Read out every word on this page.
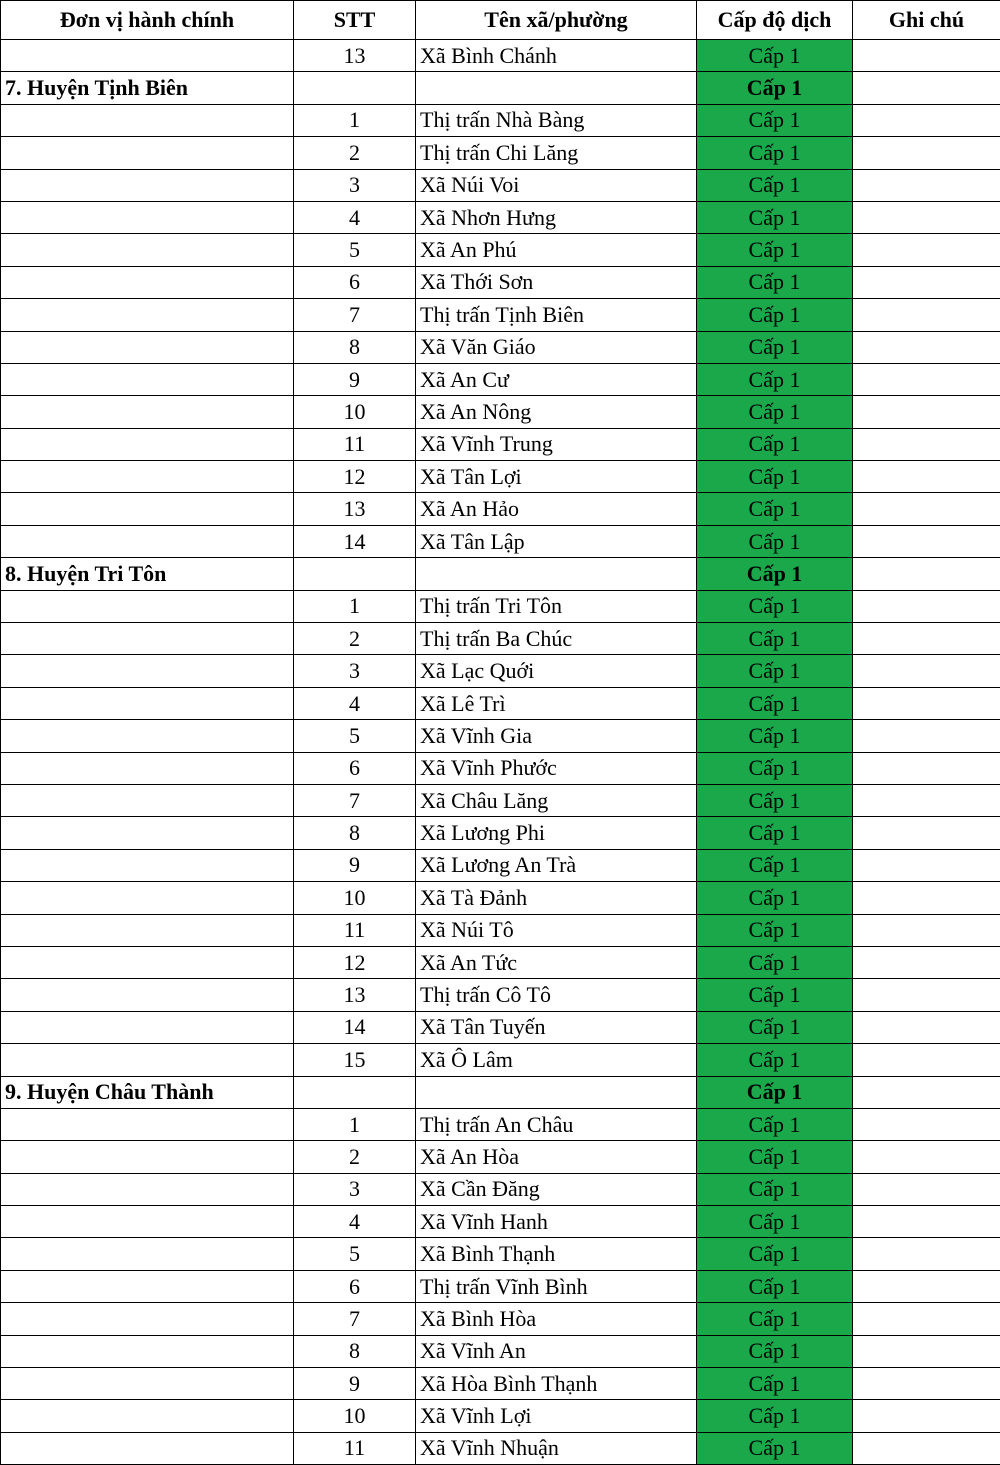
Đơn vị hành chính	STT	Tên xã/phường	Cấp độ dịch	Ghi chú
	13	Xã Bình Chánh	Cấp 1	
7. Huyện Tịnh Biên			Cấp 1	
	1	Thị trấn Nhà Bàng	Cấp 1	
	2	Thị trấn Chi Lăng	Cấp 1	
	3	Xã Núi Voi	Cấp 1	
	4	Xã Nhơn Hưng	Cấp 1	
	5	Xã An Phú	Cấp 1	
	6	Xã Thới Sơn	Cấp 1	
	7	Thị trấn Tịnh Biên	Cấp 1	
	8	Xã Văn Giáo	Cấp 1	
	9	Xã An Cư	Cấp 1	
	10	Xã An Nông	Cấp 1	
	11	Xã Vĩnh Trung	Cấp 1	
	12	Xã Tân Lợi	Cấp 1	
	13	Xã An Hảo	Cấp 1	
	14	Xã Tân Lập	Cấp 1	
8. Huyện Tri Tôn			Cấp 1	
	1	Thị trấn Tri Tôn	Cấp 1	
	2	Thị trấn Ba Chúc	Cấp 1	
	3	Xã Lạc Quới	Cấp 1	
	4	Xã Lê Trì	Cấp 1	
	5	Xã Vĩnh Gia	Cấp 1	
	6	Xã Vĩnh Phước	Cấp 1	
	7	Xã Châu Lăng	Cấp 1	
	8	Xã Lương Phi	Cấp 1	
	9	Xã Lương An Trà	Cấp 1	
	10	Xã Tà Đảnh	Cấp 1	
	11	Xã Núi Tô	Cấp 1	
	12	Xã An Tức	Cấp 1	
	13	Thị trấn Cô Tô	Cấp 1	
	14	Xã Tân Tuyến	Cấp 1	
	15	Xã Ô Lâm	Cấp 1	
9. Huyện Châu Thành			Cấp 1	
	1	Thị trấn An Châu	Cấp 1	
	2	Xã An Hòa	Cấp 1	
	3	Xã Cần Đăng	Cấp 1	
	4	Xã Vĩnh Hanh	Cấp 1	
	5	Xã Bình Thạnh	Cấp 1	
	6	Thị trấn Vĩnh Bình	Cấp 1	
	7	Xã Bình Hòa	Cấp 1	
	8	Xã Vĩnh An	Cấp 1	
	9	Xã Hòa Bình Thạnh	Cấp 1	
	10	Xã Vĩnh Lợi	Cấp 1	
	11	Xã Vĩnh Nhuận	Cấp 1	
